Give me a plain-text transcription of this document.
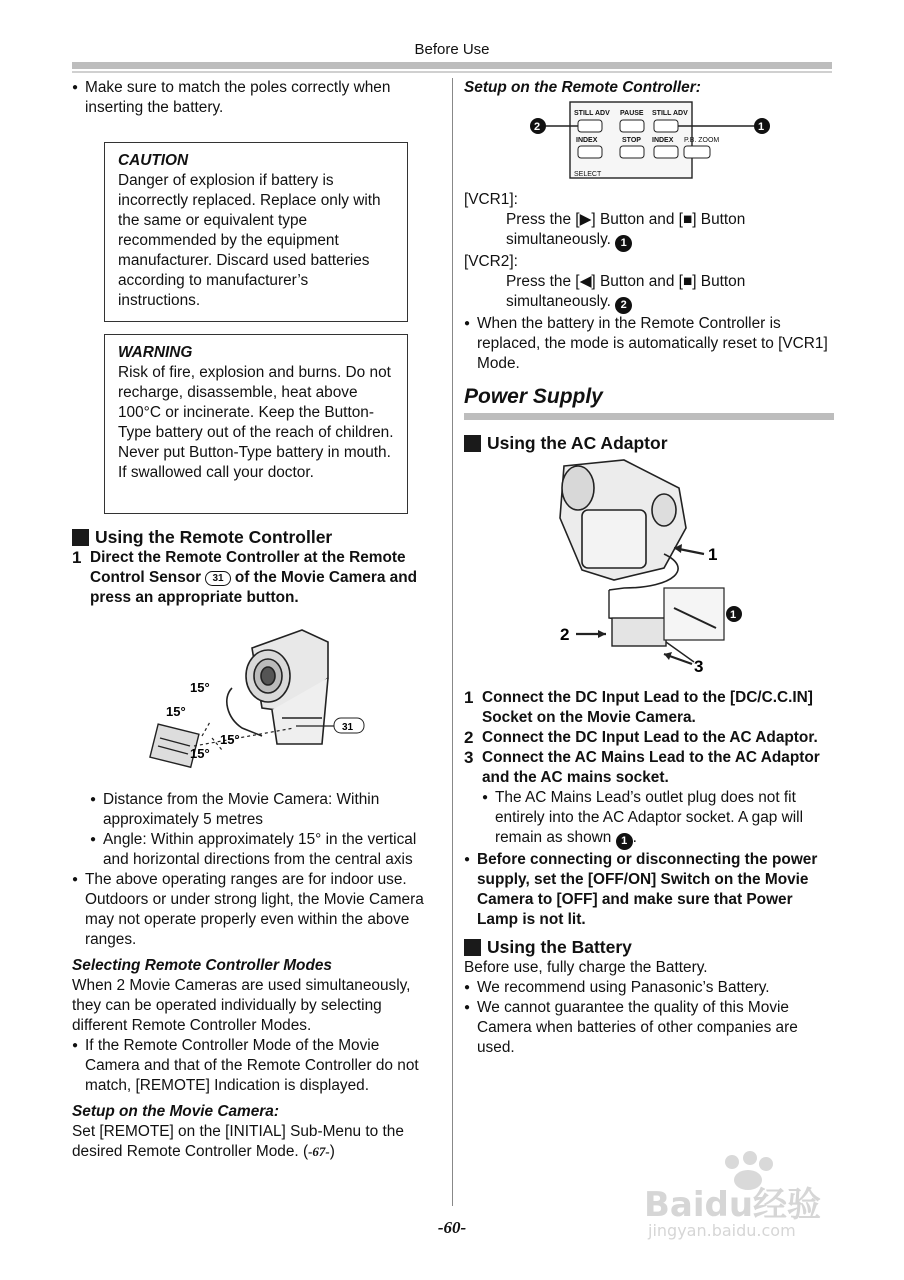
Before Use
● Make sure to match the poles correctly when inserting the battery.
CAUTION
Danger of explosion if battery is incorrectly replaced. Replace only with the same or equivalent type recommended by the equipment manufacturer. Discard used batteries according to manufacturer’s instructions.
WARNING
Risk of fire, explosion and burns. Do not recharge, disassemble, heat above 100°C or incinerate. Keep the Button-Type battery out of the reach of children. Never put Button-Type battery in mouth. If swallowed call your doctor.
Using the Remote Controller
1 Direct the Remote Controller at the Remote Control Sensor 31 of the Movie Camera and press an appropriate button.
15°
15°
15°
15°
31
● Distance from the Movie Camera: Within approximately 5 metres
● Angle: Within approximately 15° in the vertical and horizontal directions from the central axis
● The above operating ranges are for indoor use. Outdoors or under strong light, the Movie Camera may not operate properly even within the above ranges.
Selecting Remote Controller Modes
When 2 Movie Cameras are used simultaneously, they can be operated individually by selecting different Remote Controller Modes.
● If the Remote Controller Mode of the Movie Camera and that of the Remote Controller do not match, [REMOTE] Indication is displayed.
Setup on the Movie Camera:
Set [REMOTE] on the [INITIAL] Sub-Menu to the desired Remote Controller Mode. (-67-)
Setup on the Remote Controller:
STILL ADV PAUSE STILL ADV
INDEX	STOP INDEX P.B. ZOOM
SELECT
2	1
[VCR1]:
Press the [▶] Button and [■] Button simultaneously. 1
[VCR2]:
Press the [◀] Button and [■] Button simultaneously. 2
● When the battery in the Remote Controller is replaced, the mode is automatically reset to [VCR1] Mode.
Power Supply
Using the AC Adaptor
1
1
2
3
1 Connect the DC Input Lead to the [DC/C.C.IN] Socket on the Movie Camera.
2 Connect the DC Input Lead to the AC Adaptor.
3 Connect the AC Mains Lead to the AC Adaptor and the AC mains socket.
● The AC Mains Lead’s outlet plug does not fit entirely into the AC Adaptor socket. A gap will remain as shown 1 .
● Before connecting or disconnecting the power supply, set the [OFF/ON] Switch on the Movie Camera to [OFF] and make sure that Power Lamp is not lit.
Using the Battery
Before use, fully charge the Battery.
● We recommend using Panasonic’s Battery.
● We cannot guarantee the quality of this Movie Camera when batteries of other companies are used.
-60-
Baidu经验
jingyan.baidu.com
